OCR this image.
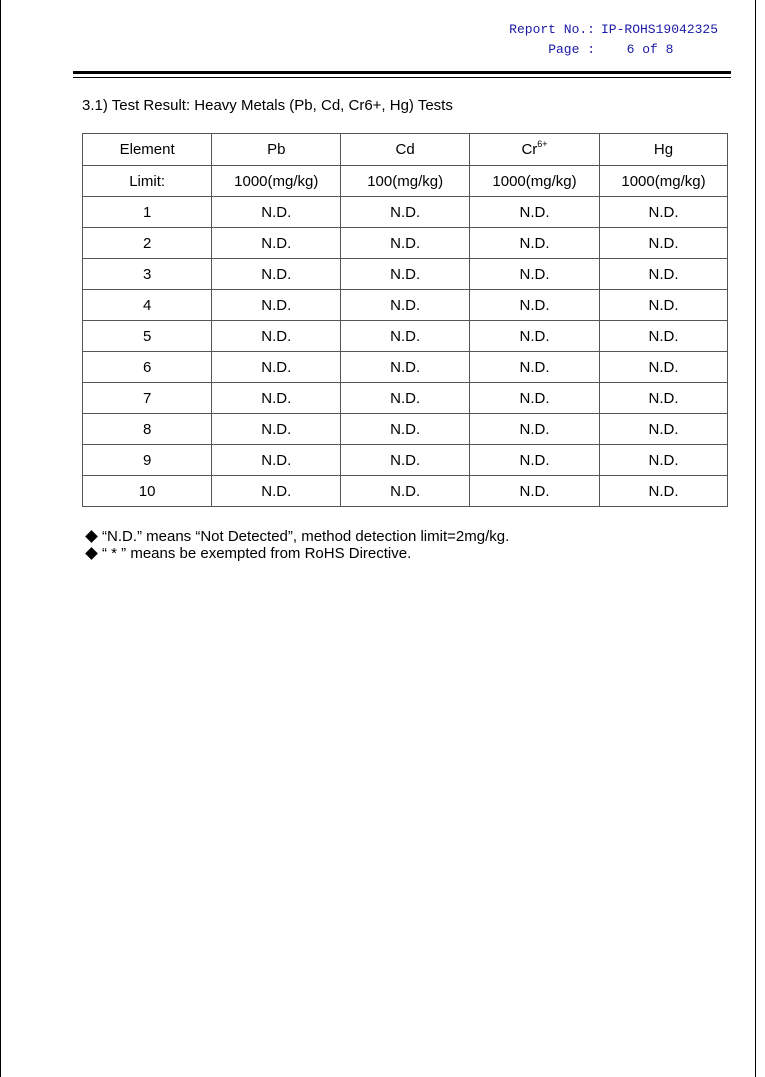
Report No.: IP-ROHS19042325
Page :	6 of 8
3.1) Test Result: Heavy Metals (Pb, Cd, Cr6+, Hg) Tests
Element	Pb	Cd	$Cr^{6+}$	Hg
Limit:	1000(mg/kg)	100(mg/kg)	1000(mg/kg)	1000(mg/kg)
1	N.D.	N.D.	N.D.	N.D.
2	N.D.	N.D.	N.D.	N.D.
3	N.D.	N.D.	N.D.	N.D.
4	N.D.	N.D.	N.D.	N.D.
5	N.D.	N.D.	N.D.	N.D.
6	N.D.	N.D.	N.D.	N.D.
7	N.D.	N.D.	N.D.	N.D.
8	N.D.	N.D.	N.D.	N.D.
9	N.D.	N.D.	N.D.	N.D.
10	N.D.	N.D.	N.D.	N.D.
“N.D.” means “Not Detected”, method detection limit=2mg/kg.
“ * ” means be exempted from RoHS Directive.
